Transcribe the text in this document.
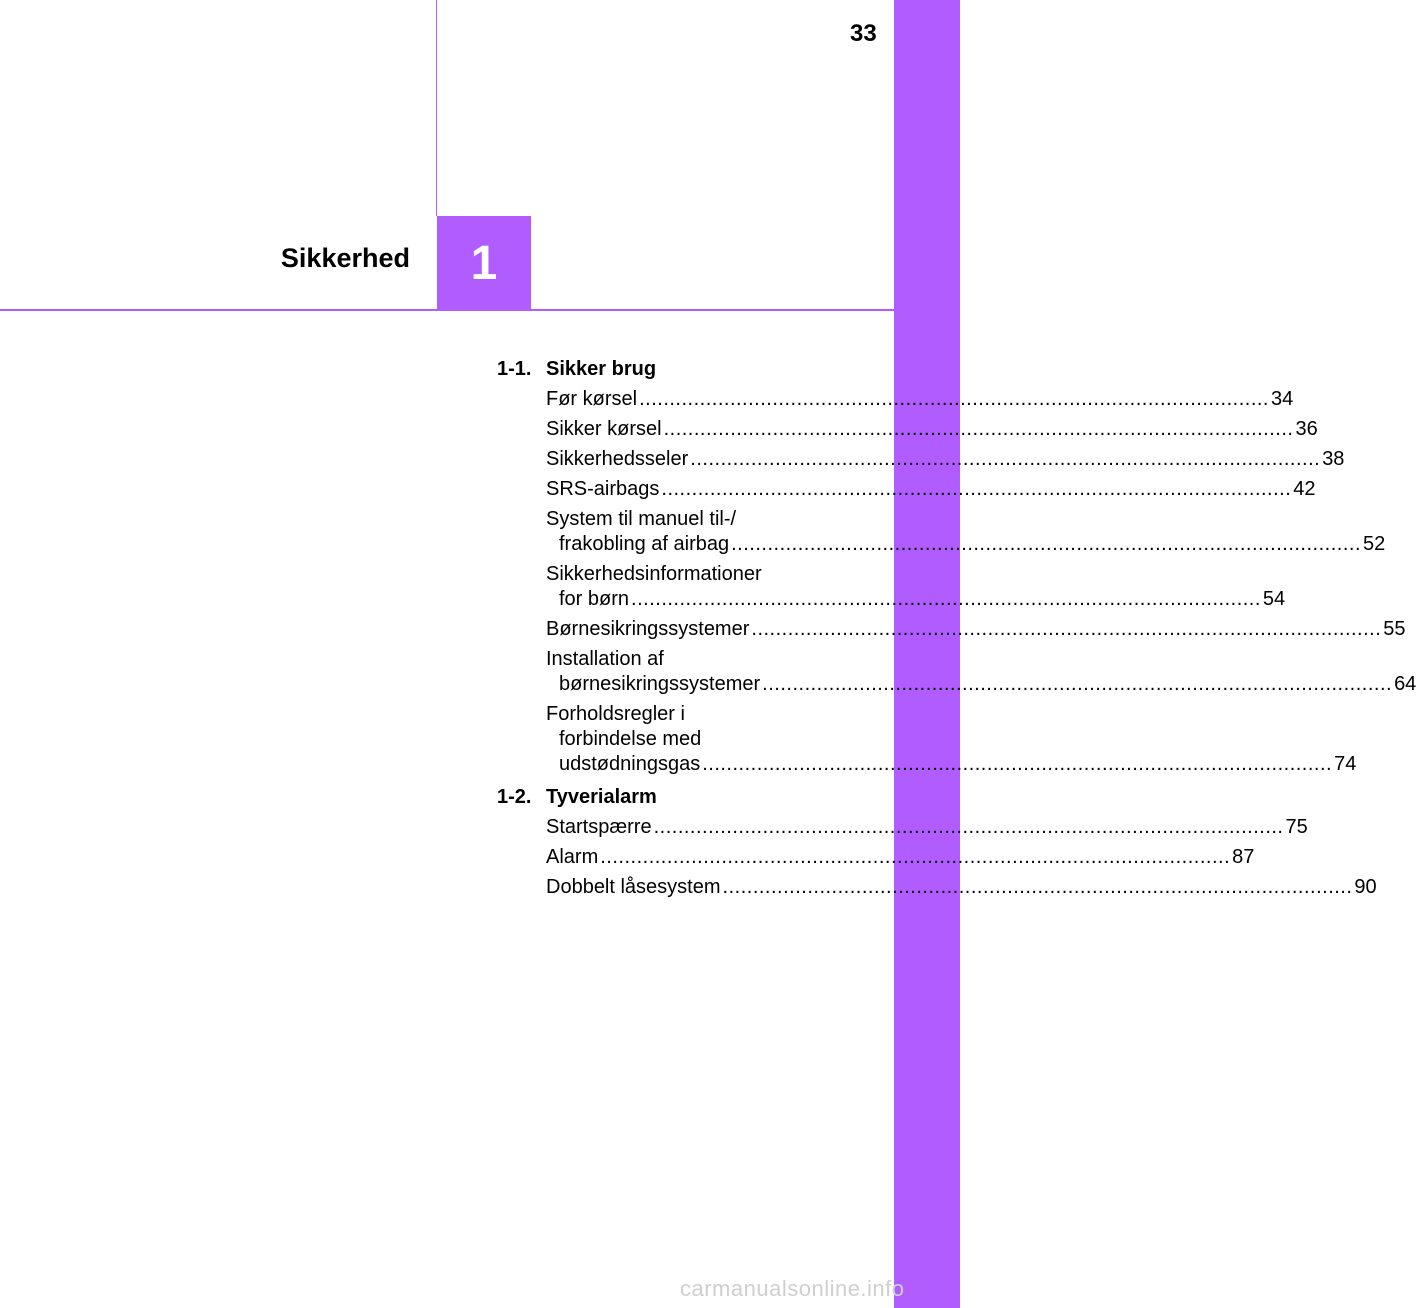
33
Sikkerhed 1
1-1. Sikker brug
Før kørsel .....	34
Sikker kørsel .....	36
Sikkerhedsseler .....	38
SRS-airbags .....	42
System til manuel til-/
frakobling af airbag .....	52
Sikkerhedsinformationer
for børn .....	54
Børnesikringssystemer .....	55
Installation af
børnesikringssystemer .....	64
Forholdsregler i
forbindelse med
udstødningsgas .....	74
1-2. Tyverialarm
Startspærre .....	75
Alarm .....	87
Dobbelt låsesystem .....	90
carmanualsonline.info
